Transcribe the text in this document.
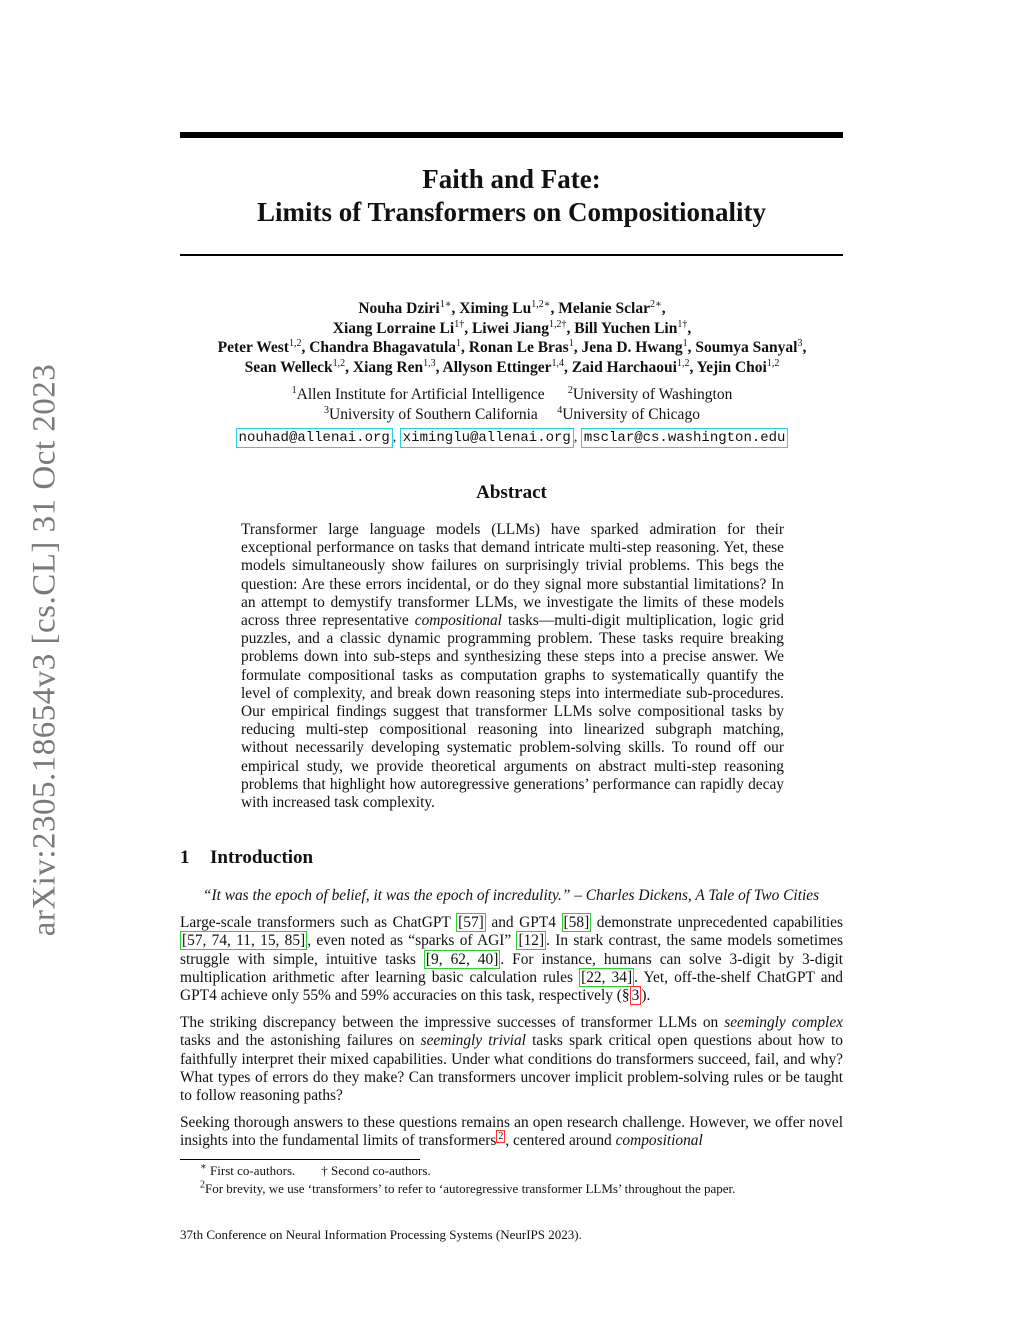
arXiv:2305.18654v3 [cs.CL] 31 Oct 2023
Faith and Fate:
Limits of Transformers on Compositionality
Nouha Dziri$^{1∗}$, Ximing $Lu^{1,2∗}$, Melanie Sclar$^{2∗}$,
Xiang Lorraine $Li^{1\dagger}$, Liwei Jiang$^{1,2\dagger}$, Bill Yuchen Lin$^{1\dagger}$,
Peter West$^{1,2}$, Chandra Bhagavatula$^1$, Ronan Le Bras$^1$, Jena D. Hwang$^1$, Soumya Sanyal$^3$,
Sean Welleck$^{1,2}$, Xiang Ren$^{1,3}$, Allyson Ettinger$^{1,4}$, Zaid Harchaoui$^{1,2}$, Yejin Choi$^{1,2}$
$^1$Allen Institute for Artificial Intelligence $^2$University of Washington
$^3$University of Southern California $^4$University of Chicago
nouhad@allenai.org , ximinglu@allenai.org , msclar@cs.washington.edu
Abstract
Transformer large language models (LLMs) have sparked admiration for their exceptional performance on tasks that demand intricate multi-step reasoning. Yet, these models simultaneously show failures on surprisingly trivial problems. This begs the question: Are these errors incidental, or do they signal more substantial limitations? In an attempt to demystify transformer LLMs, we investigate the limits of these models across three representative compositional tasks—multi-digit multiplication, logic grid puzzles, and a classic dynamic programming problem. These tasks require breaking problems down into sub-steps and synthesizing these steps into a precise answer. We formulate compositional tasks as computation graphs to systematically quantify the level of complexity, and break down reasoning steps into intermediate sub-procedures. Our empirical findings suggest that transformer LLMs solve compositional tasks by reducing multi-step compositional reasoning into linearized subgraph matching, without necessarily developing systematic problem-solving skills. To round off our empirical study, we provide theoretical arguments on abstract multi-step reasoning problems that highlight how autoregressive generations’ performance can rapidly decay with increased task complexity.
1 Introduction
“It was the epoch of belief, it was the epoch of incredulity.” – Charles Dickens, A Tale of Two Cities
Large-scale transformers such as ChatGPT [57] and GPT4 [58] demonstrate unprecedented capabilities [57, 74, 11, 15, 85] , even noted as “sparks of AGI” [12] . In stark contrast, the same models sometimes struggle with simple, intuitive tasks [9, 62, 40] . For instance, humans can solve 3-digit by 3-digit multiplication arithmetic after learning basic calculation rules [22, 34] . Yet, off-the-shelf ChatGPT and GPT4 achieve only 55% and 59% accuracies on this task, respectively (§ 3 ).
The striking discrepancy between the impressive successes of transformer LLMs on seemingly complex tasks and the astonishing failures on seemingly trivial tasks spark critical open questions about how to faithfully interpret their mixed capabilities. Under what conditions do transformers succeed, fail, and why? What types of errors do they make? Can transformers uncover implicit problem-solving rules or be taught to follow reasoning paths?
Seeking thorough answers to these questions remains an open research challenge. However, we offer novel insights into the fundamental limits of transformers $^2$ , centered around compositional
∗ First co-authors. † Second co-authors.
$^2$For brevity, we use ‘transformers’ to refer to ‘autoregressive transformer LLMs’ throughout the paper.
37th Conference on Neural Information Processing Systems (NeurIPS 2023).
